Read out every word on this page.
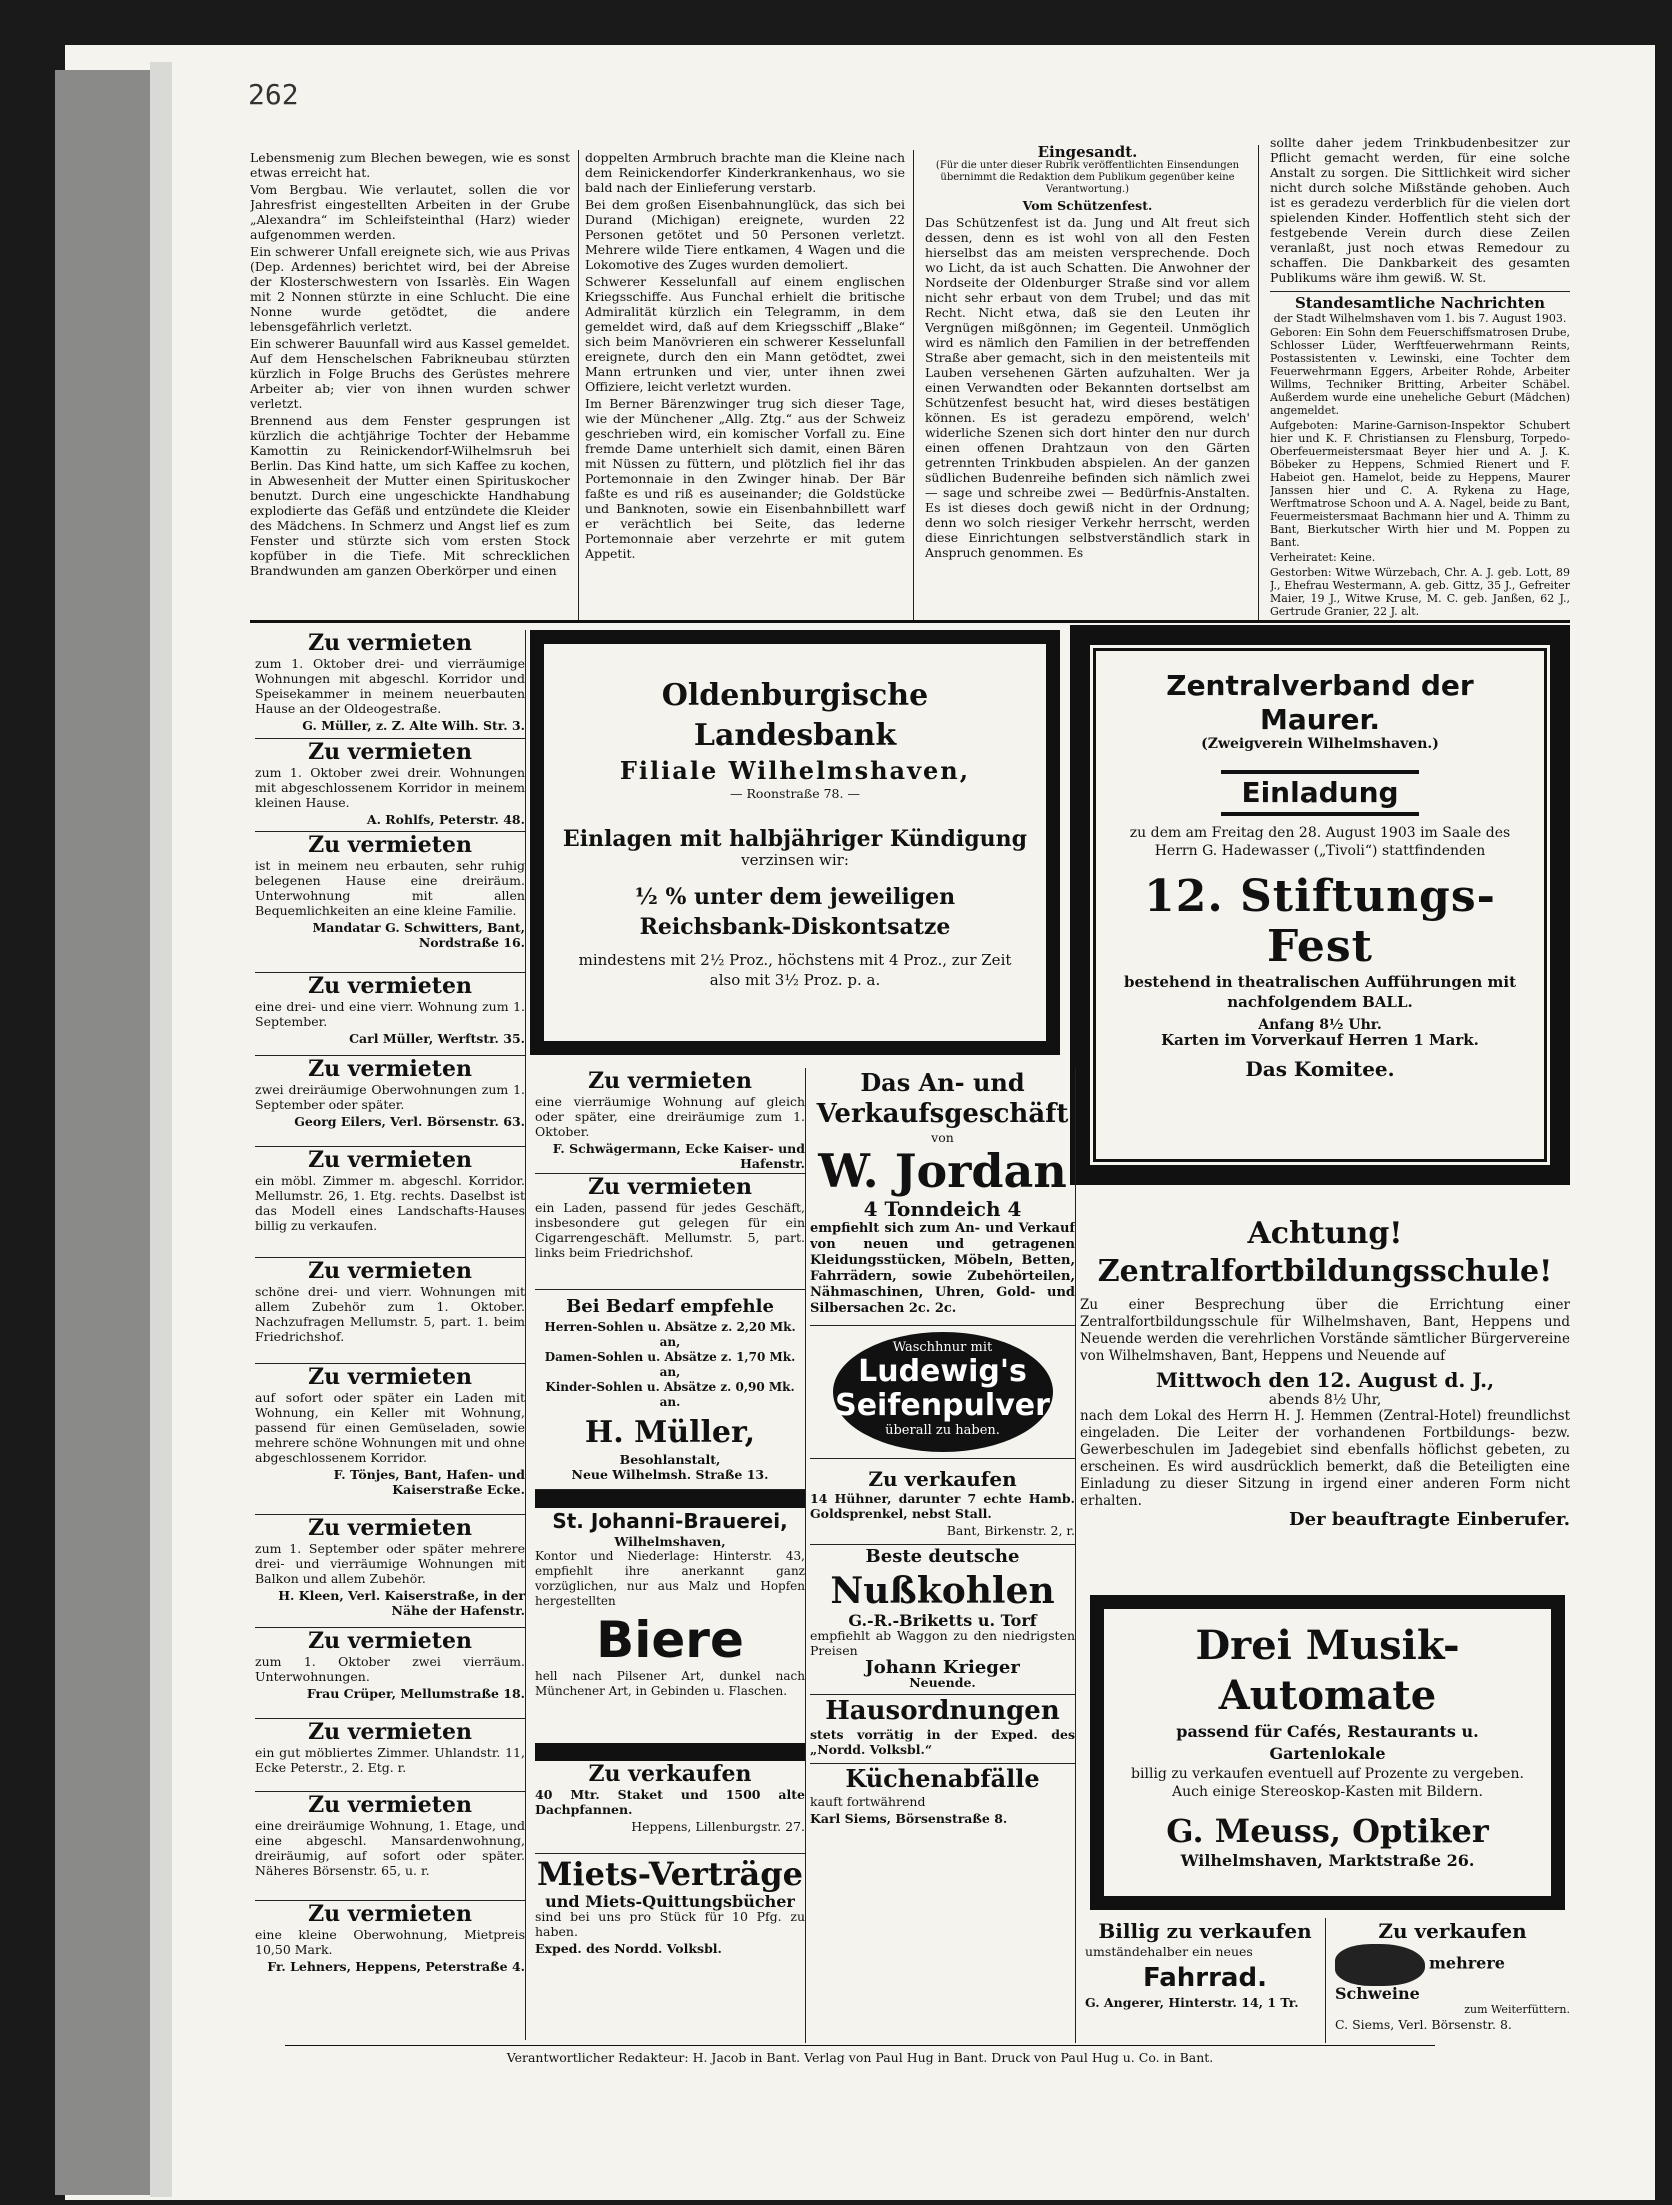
262

Lebensmenig zum Blechen bewegen, wie es sonst etwas erreicht hat.

Vom Bergbau. Wie verlautet, sollen die vor Jahresfrist eingestellten Arbeiten in der Grube „Alexandra“ im Schleifsteinthal (Harz) wieder aufgenommen werden.

Ein schwerer Unfall ereignete sich, wie aus Privas (Dep. Ardennes) berichtet wird, bei der Abreise der Klosterschwestern von Issarlès. Ein Wagen mit 2 Nonnen stürzte in eine Schlucht. Die eine Nonne wurde getödtet, die andere lebensgefährlich verletzt.

Ein schwerer Bauunfall wird aus Kassel gemeldet. Auf dem Henschelschen Fabrikneubau stürzten kürzlich in Folge Bruchs des Gerüstes mehrere Arbeiter ab; vier von ihnen wurden schwer verletzt.

Brennend aus dem Fenster gesprungen ist kürzlich die achtjährige Tochter der Hebamme Kamottin zu Reinickendorf-Wilhelmsruh bei Berlin. Das Kind hatte, um sich Kaffee zu kochen, in Abwesenheit der Mutter einen Spirituskocher benutzt. Durch eine ungeschickte Handhabung explodierte das Gefäß und entzündete die Kleider des Mädchens. In Schmerz und Angst lief es zum Fenster und stürzte sich vom ersten Stock kopfüber in die Tiefe. Mit schrecklichen Brandwunden am ganzen Oberkörper und einen

doppelten Armbruch brachte man die Kleine nach dem Reinickendorfer Kinderkrankenhaus, wo sie bald nach der Einlieferung verstarb.

Bei dem großen Eisenbahnunglück, das sich bei Durand (Michigan) ereignete, wurden 22 Personen getötet und 50 Personen verletzt. Mehrere wilde Tiere entkamen, 4 Wagen und die Lokomotive des Zuges wurden demoliert.

Schwerer Kesselunfall auf einem englischen Kriegsschiffe. Aus Funchal erhielt die britische Admiralität kürzlich ein Telegramm, in dem gemeldet wird, daß auf dem Kriegsschiff „Blake“ sich beim Manövrieren ein schwerer Kesselunfall ereignete, durch den ein Mann getödtet, zwei Mann ertrunken und vier, unter ihnen zwei Offiziere, leicht verletzt wurden.

Im Berner Bärenzwinger trug sich dieser Tage, wie der Münchener „Allg. Ztg.“ aus der Schweiz geschrieben wird, ein komischer Vorfall zu. Eine fremde Dame unterhielt sich damit, einen Bären mit Nüssen zu füttern, und plötzlich fiel ihr das Portemonnaie in den Zwinger hinab. Der Bär faßte es und riß es auseinander; die Goldstücke und Banknoten, sowie ein Eisenbahnbillett warf er verächtlich bei Seite, das lederne Portemonnaie aber verzehrte er mit gutem Appetit.

Eingesandt.
(Für die unter dieser Rubrik veröffentlichten Einsendungen übernimmt die Redaktion dem Publikum gegenüber keine Verantwortung.)
Vom Schützenfest.

Das Schützenfest ist da. Jung und Alt freut sich dessen, denn es ist wohl von all den Festen hierselbst das am meisten versprechende. Doch wo Licht, da ist auch Schatten. Die Anwohner der Nordseite der Oldenburger Straße sind vor allem nicht sehr erbaut von dem Trubel; und das mit Recht. Nicht etwa, daß sie den Leuten ihr Vergnügen mißgönnen; im Gegenteil. Unmöglich wird es nämlich den Familien in der betreffenden Straße aber gemacht, sich in den meistenteils mit Lauben versehenen Gärten aufzuhalten. Wer ja einen Verwandten oder Bekannten dortselbst am Schützenfest besucht hat, wird dieses bestätigen können. Es ist geradezu empörend, welch' widerliche Szenen sich dort hinter den nur durch einen offenen Drahtzaun von den Gärten getrennten Trinkbuden abspielen. An der ganzen südlichen Budenreihe befinden sich nämlich zwei — sage und schreibe zwei — Bedürfnis-Anstalten. Es ist dieses doch gewiß nicht in der Ordnung; denn wo solch riesiger Verkehr herrscht, werden diese Einrichtungen selbstverständlich stark in Anspruch genommen. Es

sollte daher jedem Trinkbudenbesitzer zur Pflicht gemacht werden, für eine solche Anstalt zu sorgen. Die Sittlichkeit wird sicher nicht durch solche Mißstände gehoben. Auch ist es geradezu verderblich für die vielen dort spielenden Kinder. Hoffentlich steht sich der festgebende Verein durch diese Zeilen veranlaßt, just noch etwas Remedour zu schaffen. Die Dankbarkeit des gesamten Publikums wäre ihm gewiß. W. St.

Standesamtliche Nachrichten
der Stadt Wilhelmshaven vom 1. bis 7. August 1903.

Geboren: Ein Sohn dem Feuerschiffsmatrosen Drube, Schlosser Lüder, Werftfeuerwehrmann Reints, Postassistenten v. Lewinski, eine Tochter dem Feuerwehrmann Eggers, Arbeiter Rohde, Arbeiter Willms, Techniker Britting, Arbeiter Schäbel. Außerdem wurde eine uneheliche Geburt (Mädchen) angemeldet.

Aufgeboten: Marine-Garnison-Inspektor Schubert hier und K. F. Christiansen zu Flensburg, Torpedo-Oberfeuermeistersmaat Beyer hier und A. J. K. Böbeker zu Heppens, Schmied Rienert und F. Habeiot gen. Hamelot, beide zu Heppens, Maurer Janssen hier und C. A. Rykena zu Hage, Werftmatrose Schoon und A. A. Nagel, beide zu Bant, Feuermeistersmaat Bachmann hier und A. Thimm zu Bant, Bierkutscher Wirth hier und M. Poppen zu Bant.

Verheiratet: Keine.

Gestorben: Witwe Würzebach, Chr. A. J. geb. Lott, 89 J., Ehefrau Westermann, A. geb. Gittz, 35 J., Gefreiter Maier, 19 J., Witwe Kruse, M. C. geb. Janßen, 62 J., Gertrude Granier, 22 J. alt.

Zu vermieten

zum 1. Oktober drei- und vierräumige Wohnungen mit abgeschl. Korridor und Speisekammer in meinem neuerbauten Hause an der Oldeogestraße.

G. Müller, z. Z. Alte Wilh. Str. 3.

Zu vermieten

zum 1. Oktober zwei dreir. Wohnungen mit abgeschlossenem Korridor in meinem kleinen Hause.

A. Rohlfs, Peterstr. 48.

Zu vermieten

ist in meinem neu erbauten, sehr ruhig belegenen Hause eine dreiräum. Unterwohnung mit allen Bequemlichkeiten an eine kleine Familie.

Mandatar G. Schwitters, Bant, Nordstraße 16.

Zu vermieten

eine drei- und eine vierr. Wohnung zum 1. September.

Carl Müller, Werftstr. 35.

Zu vermieten

zwei dreiräumige Oberwohnungen zum 1. September oder später.

Georg Eilers, Verl. Börsenstr. 63.

Zu vermieten

ein möbl. Zimmer m. abgeschl. Korridor. Mellumstr. 26, 1. Etg. rechts. Daselbst ist das Modell eines Landschafts-Hauses billig zu verkaufen.

Zu vermieten

schöne drei- und vierr. Wohnungen mit allem Zubehör zum 1. Oktober. Nachzufragen Mellumstr. 5, part. 1. beim Friedrichshof.

Zu vermieten

auf sofort oder später ein Laden mit Wohnung, ein Keller mit Wohnung, passend für einen Gemüseladen, sowie mehrere schöne Wohnungen mit und ohne abgeschlossenem Korridor.

F. Tönjes, Bant, Hafen- und Kaiserstraße Ecke.

Zu vermieten

zum 1. September oder später mehrere drei- und vierräumige Wohnungen mit Balkon und allem Zubehör.

H. Kleen, Verl. Kaiserstraße, in der Nähe der Hafenstr.

Zu vermieten

zum 1. Oktober zwei vierräum. Unterwohnungen.

Frau Crüper, Mellumstraße 18.

Zu vermieten

ein gut möbliertes Zimmer. Uhlandstr. 11, Ecke Peterstr., 2. Etg. r.

Zu vermieten

eine dreiräumige Wohnung, 1. Etage, und eine abgeschl. Mansardenwohnung, dreiräumig, auf sofort oder später. Näheres Börsenstr. 65, u. r.

Zu vermieten

eine kleine Oberwohnung, Mietpreis 10,50 Mark.

Fr. Lehners, Heppens, Peterstraße 4.

Oldenburgische Landesbank
Filiale Wilhelmshaven,
— Roonstraße 78. —
Einlagen mit halbjähriger Kündigung
verzinsen wir:
½ % unter dem jeweiligen Reichsbank-Diskontsatze
mindestens mit 2½ Proz., höchstens mit 4 Proz., zur Zeit also mit 3½ Proz. p. a.
Zentralverband der Maurer.
(Zweigverein Wilhelmshaven.)
Einladung

zu dem am Freitag den 28. August 1903 im Saale des Herrn G. Hadewasser („Tivoli“) stattfindenden

12. Stiftungs-Fest

bestehend in theatralischen Aufführungen mit nachfolgendem BALL.

Anfang 8½ Uhr.

Karten im Vorverkauf Herren 1 Mark.

Das Komitee.

Zu vermieten

eine vierräumige Wohnung auf gleich oder später, eine dreiräumige zum 1. Oktober.

F. Schwägermann, Ecke Kaiser- und Hafenstr.

Zu vermieten

ein Laden, passend für jedes Geschäft, insbesondere gut gelegen für ein Cigarrengeschäft. Mellumstr. 5, part. links beim Friedrichshof.

Bei Bedarf empfehle
Herren-Sohlen u. Absätze z. 2,20 Mk. an,
Damen-Sohlen u. Absätze z. 1,70 Mk. an,
Kinder-Sohlen u. Absätze z. 0,90 Mk. an.
H. Müller,
Besohlanstalt,
Neue Wilhelmsh. Straße 13.
St. Johanni-Brauerei,
Wilhelmshaven,

Kontor und Niederlage: Hinterstr. 43, empfiehlt ihre anerkannt ganz vorzüglichen, nur aus Malz und Hopfen hergestellten

Biere

hell nach Pilsener Art, dunkel nach Münchener Art, in Gebinden u. Flaschen.

Zu verkaufen

40 Mtr. Staket und 1500 alte Dachpfannen.

Heppens, Lillenburgstr. 27.

Miets-Verträge
und Miets-Quittungsbücher

sind bei uns pro Stück für 10 Pfg. zu haben.

Exped. des Nordd. Volksbl.

Das An- und
Verkaufsgeschäft
von
W. Jordan
4 Tonndeich 4

empfiehlt sich zum An- und Verkauf von neuen und getragenen Kleidungsstücken, Möbeln, Betten, Fahrrädern, sowie Zubehörteilen, Nähmaschinen, Uhren, Gold- und Silbersachen 2c. 2c.

Waschhnur mit
Ludewig's Seifenpulver
überall zu haben.
Zu verkaufen

14 Hühner, darunter 7 echte Hamb. Goldsprenkel, nebst Stall.

Bant, Birkenstr. 2, r.

Beste deutsche
Nußkohlen
G.-R.-Briketts u. Torf

empfiehlt ab Waggon zu den niedrigsten Preisen

Johann Krieger
Neuende.
Hausordnungen

stets vorrätig in der Exped. des „Nordd. Volksbl.“

Küchenabfälle

kauft fortwährend

Karl Siems, Börsenstraße 8.

Achtung! Zentralfortbildungsschule!

Zu einer Besprechung über die Errichtung einer Zentralfortbildungsschule für Wilhelmshaven, Bant, Heppens und Neuende werden die verehrlichen Vorstände sämtlicher Bürgervereine von Wilhelmshaven, Bant, Heppens und Neuende auf

Mittwoch den 12. August d. J.,
abends 8½ Uhr,

nach dem Lokal des Herrn H. J. Hemmen (Zentral-Hotel) freundlichst eingeladen. Die Leiter der vorhandenen Fortbildungs- bezw. Gewerbeschulen im Jadegebiet sind ebenfalls höflichst gebeten, zu erscheinen. Es wird ausdrücklich bemerkt, daß die Beteiligten eine Einladung zu dieser Sitzung in irgend einer anderen Form nicht erhalten.

Der beauftragte Einberufer.
Drei Musik-Automate
passend für Cafés, Restaurants u. Gartenlokale

billig zu verkaufen eventuell auf Prozente zu vergeben. Auch einige Stereoskop-Kasten mit Bildern.

G. Meuss, Optiker
Wilhelmshaven, Marktstraße 26.
Billig zu verkaufen

umständehalber ein neues

Fahrrad.

G. Angerer, Hinterstr. 14, 1 Tr.

Zu verkaufen
mehrere Schweine
zum Weiterfüttern.

C. Siems, Verl. Börsenstr. 8.

Verantwortlicher Redakteur: H. Jacob in Bant. Verlag von Paul Hug in Bant. Druck von Paul Hug u. Co. in Bant.
